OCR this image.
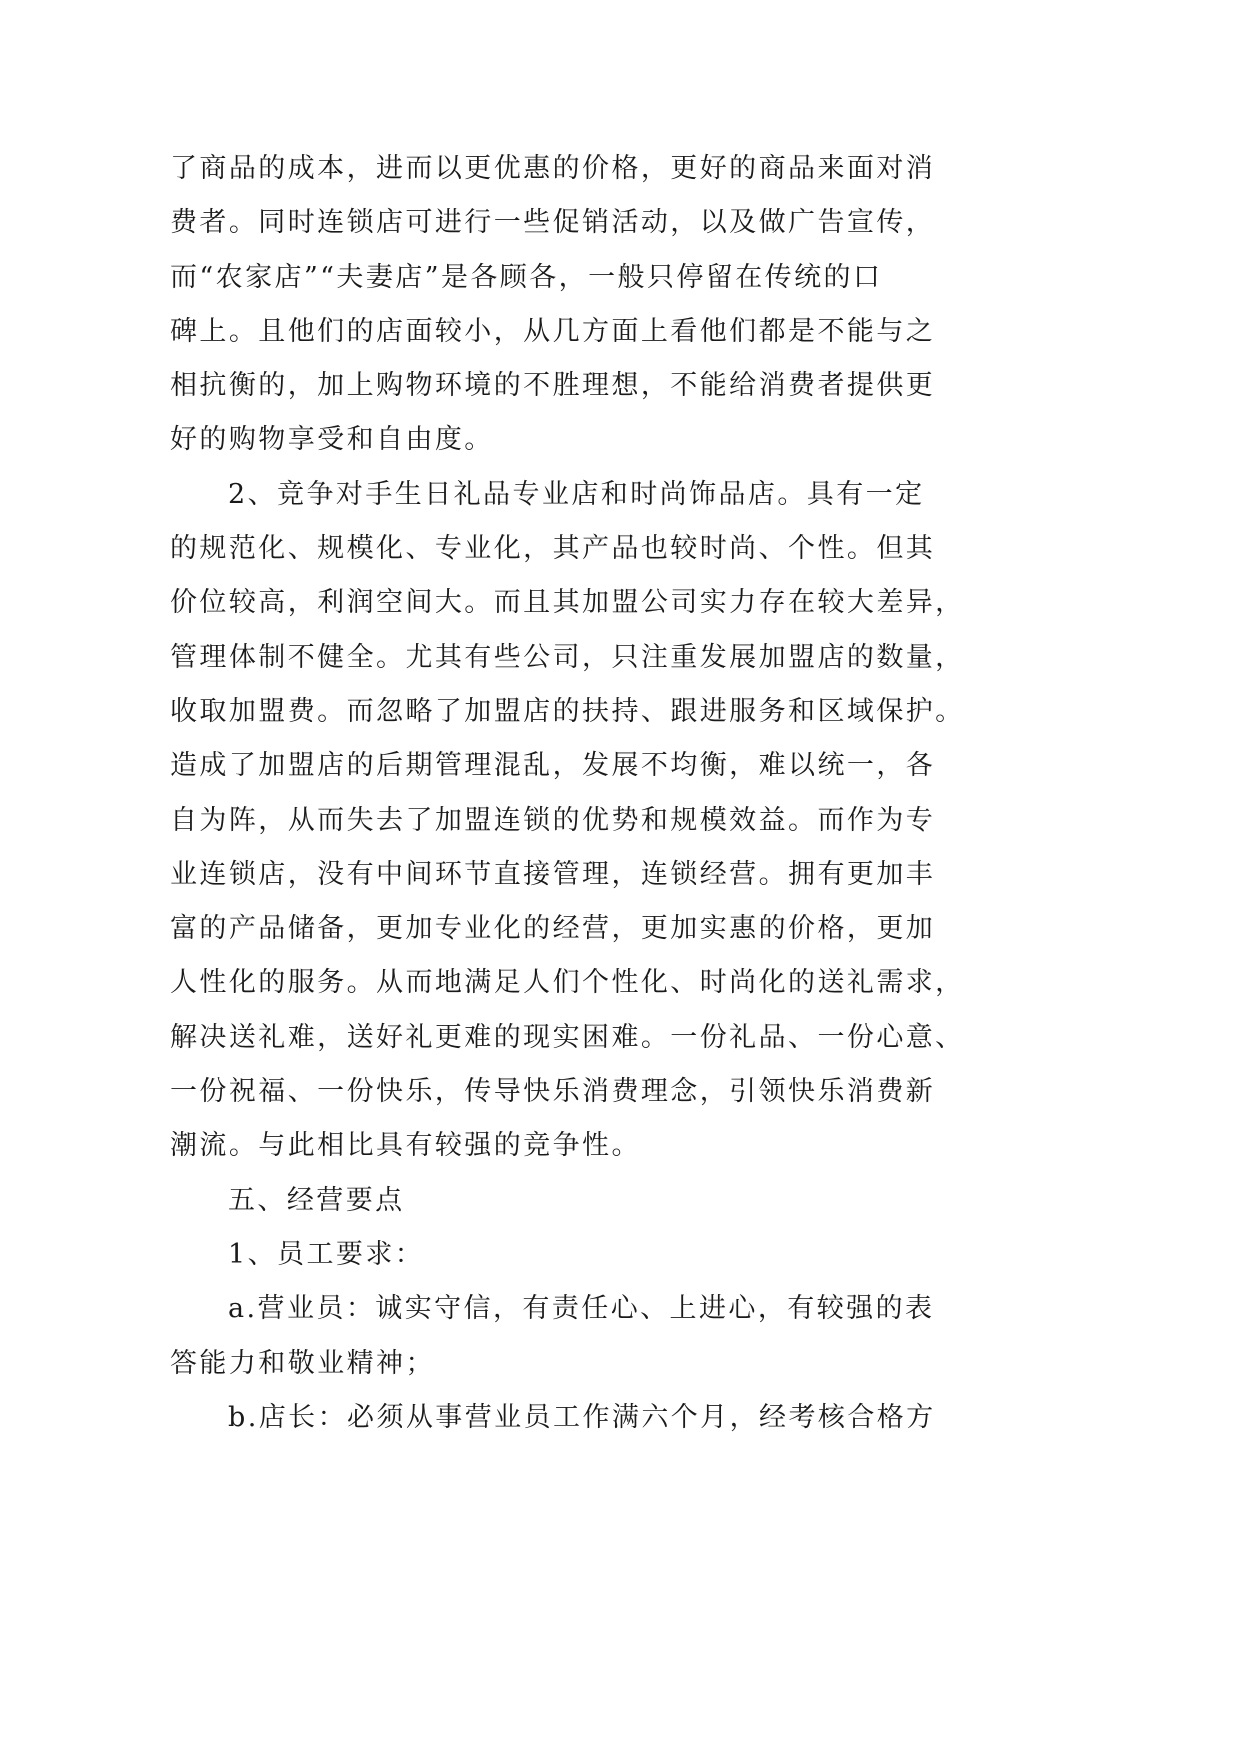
了商品的成本，进而以更优惠的价格，更好的商品来面对消
费者。同时连锁店可进行一些促销活动，以及做广告宣传，
而“农家店”“夫妻店”是各顾各，一般只停留在传统的口
碑上。且他们的店面较小，从几方面上看他们都是不能与之
相抗衡的，加上购物环境的不胜理想，不能给消费者提供更
好的购物享受和自由度。
2、竞争对手生日礼品专业店和时尚饰品店。具有一定
的规范化、规模化、专业化，其产品也较时尚、个性。但其
价位较高，利润空间大。而且其加盟公司实力存在较大差异，
管理体制不健全。尤其有些公司，只注重发展加盟店的数量，
收取加盟费。而忽略了加盟店的扶持、跟进服务和区域保护。
造成了加盟店的后期管理混乱，发展不均衡，难以统一，各
自为阵，从而失去了加盟连锁的优势和规模效益。而作为专
业连锁店，没有中间环节直接管理，连锁经营。拥有更加丰
富的产品储备，更加专业化的经营，更加实惠的价格，更加
人性化的服务。从而地满足人们个性化、时尚化的送礼需求，
解决送礼难，送好礼更难的现实困难。一份礼品、一份心意、
一份祝福、一份快乐，传导快乐消费理念，引领快乐消费新
潮流。与此相比具有较强的竞争性。
五、经营要点
1、员工要求：
a.营业员：诚实守信，有责任心、上进心，有较强的表
答能力和敬业精神；
b.店长：必须从事营业员工作满六个月，经考核合格方
